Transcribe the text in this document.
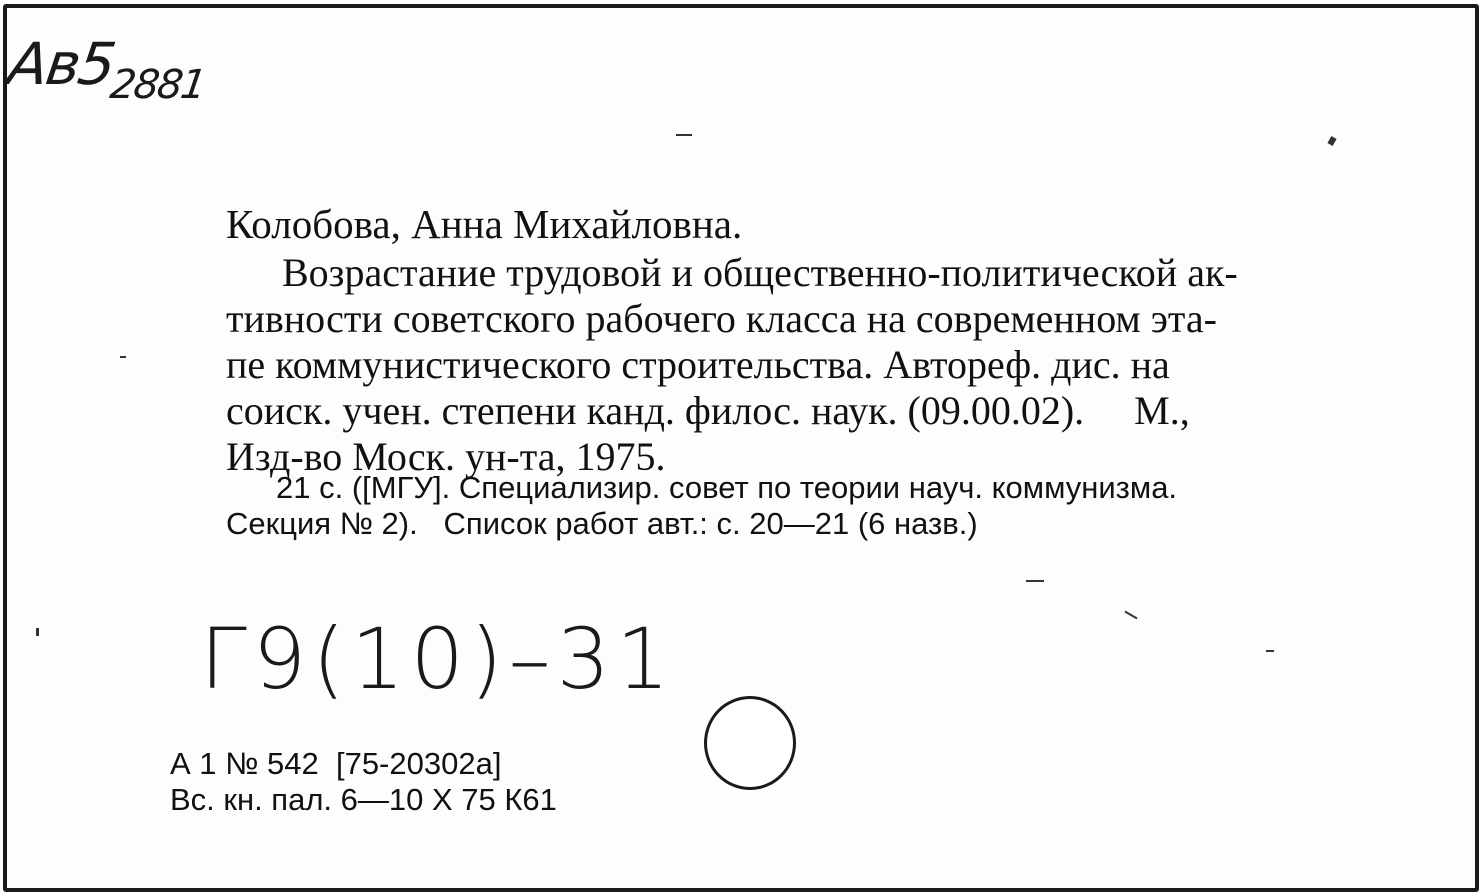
$Ав5_{2881}$
Колобова, Анна Михайловна.
Возрастание трудовой и общественно-политической ак-
тивности советского рабочего класса на современном эта-
пе коммунистического строительства. Автореф. дис. на
соиск. учен. степени канд. филос. наук. (09.00.02).     М.,
Изд-во Моск. ун-та, 1975.
21 с. ([МГУ]. Специализир. совет по теории науч. коммунизма.
Секция № 2).   Список работ авт.: с. 20—21 (6 назв.)
Г9(10)–31
А 1 № 542  [75-20302а]
Вс. кн. пал. 6—10 X 75 К61
